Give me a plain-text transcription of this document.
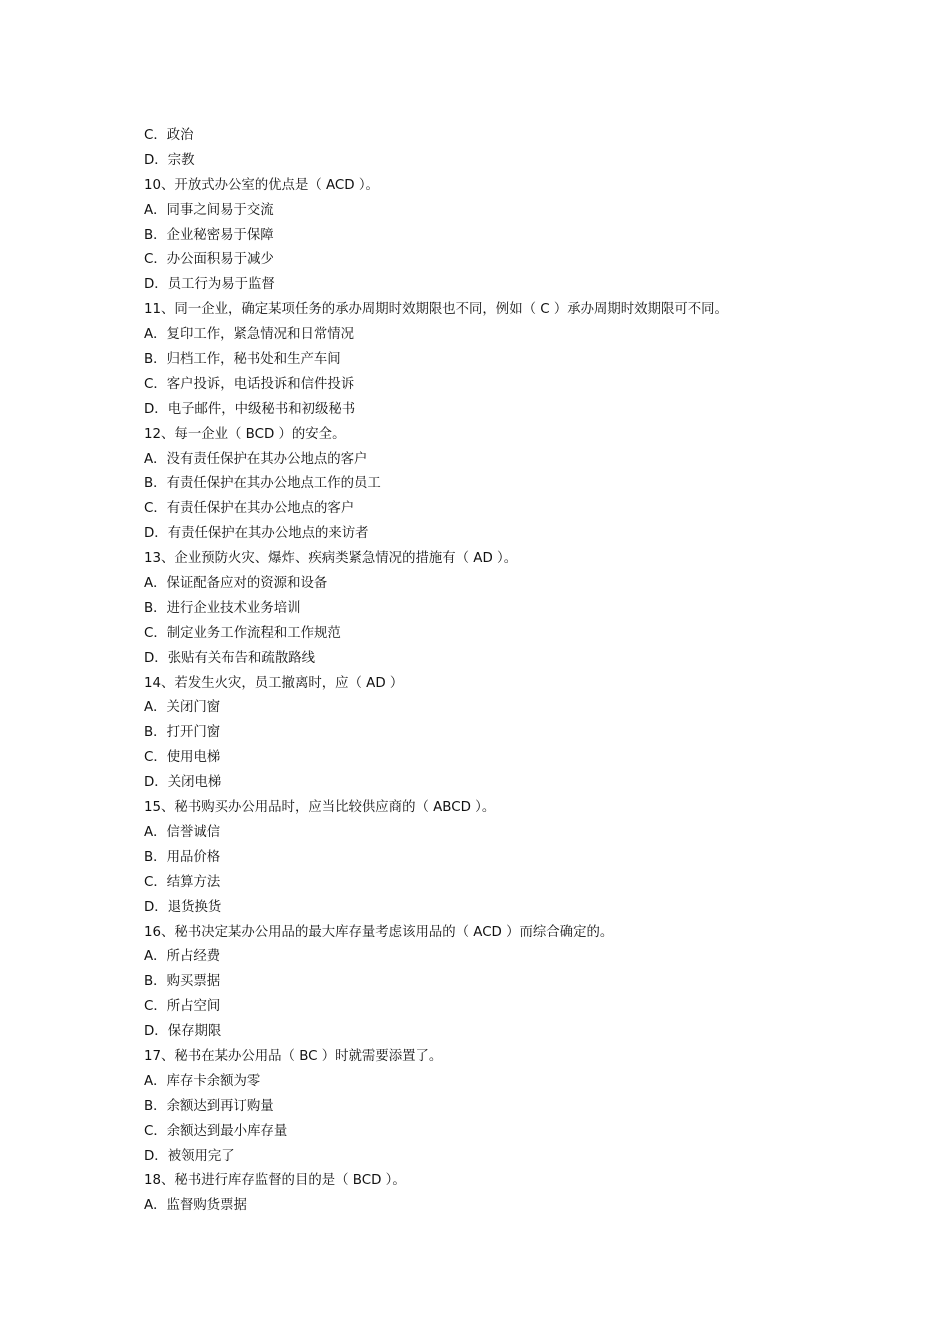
C．政治
D．宗教
10、开放式办公室的优点是（ ACD ）。
A．同事之间易于交流
B．企业秘密易于保障
C．办公面积易于减少
D．员工行为易于监督
11、同一企业，确定某项任务的承办周期时效期限也不同，例如（ C ）承办周期时效期限可不同。
A．复印工作，紧急情况和日常情况
B．归档工作，秘书处和生产车间
C．客户投诉，电话投诉和信件投诉
D．电子邮件，中级秘书和初级秘书
12、每一企业（ BCD ）的安全。
A．没有责任保护在其办公地点的客户
B．有责任保护在其办公地点工作的员工
C．有责任保护在其办公地点的客户
D．有责任保护在其办公地点的来访者
13、企业预防火灾、爆炸、疾病类紧急情况的措施有（ AD ）。
A．保证配备应对的资源和设备
B．进行企业技术业务培训
C．制定业务工作流程和工作规范
D．张贴有关布告和疏散路线
14、若发生火灾，员工撤离时，应（ AD ）
A．关闭门窗
B．打开门窗
C．使用电梯
D．关闭电梯
15、秘书购买办公用品时，应当比较供应商的（ ABCD ）。
A．信誉诚信
B．用品价格
C．结算方法
D．退货换货
16、秘书决定某办公用品的最大库存量考虑该用品的（ ACD ）而综合确定的。
A．所占经费
B．购买票据
C．所占空间
D．保存期限
17、秘书在某办公用品（ BC ）时就需要添置了。
A．库存卡余额为零
B．余额达到再订购量
C．余额达到最小库存量
D．被领用完了
18、秘书进行库存监督的目的是（ BCD ）。
A．监督购货票据
